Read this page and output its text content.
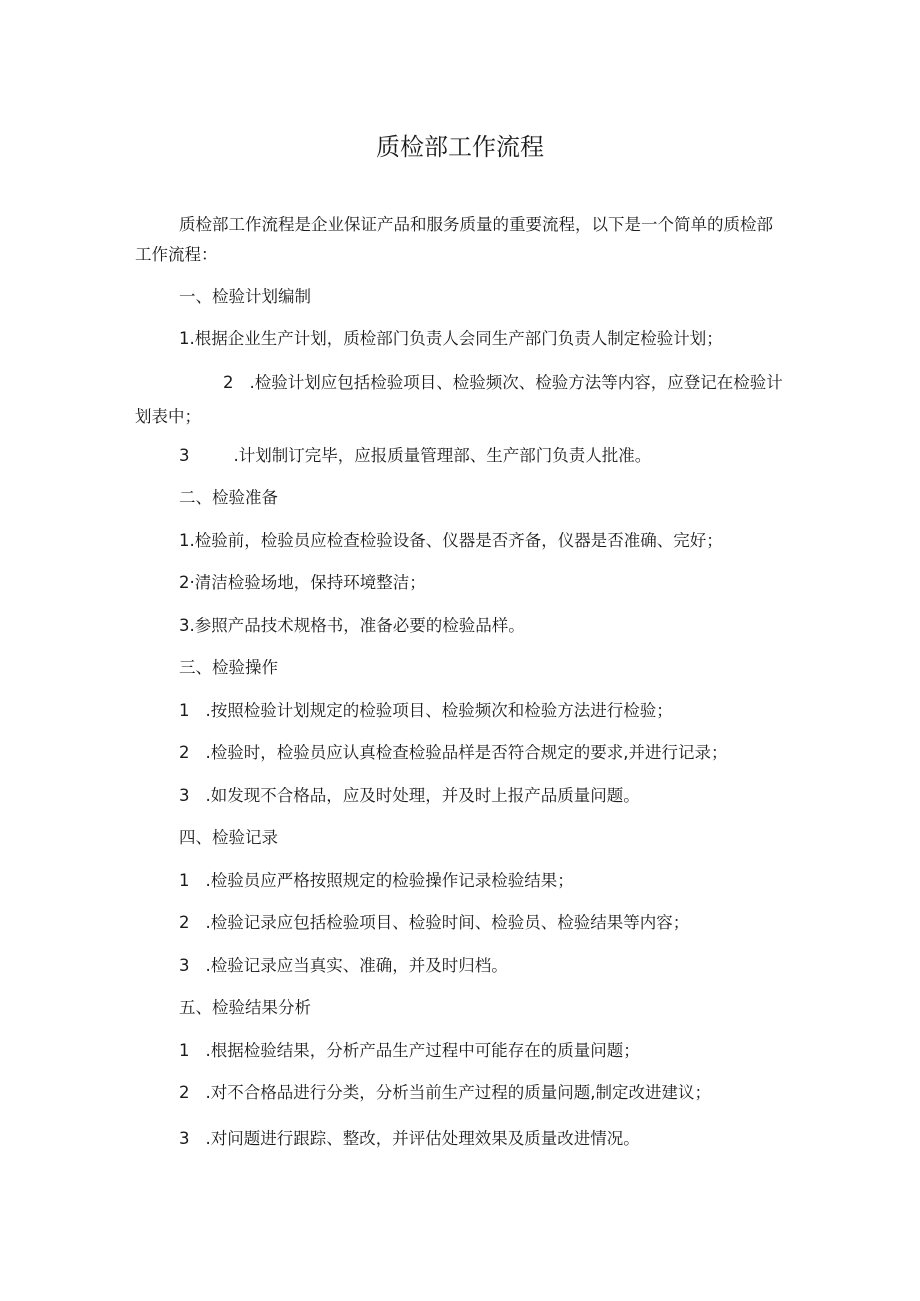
质检部工作流程

质检部工作流程是企业保证产品和服务质量的重要流程，以下是一个简单的质检部工作流程：

一、检验计划编制

1.根据企业生产计划，质检部门负责人会同生产部门负责人制定检验计划；

2 .检验计划应包括检验项目、检验频次、检验方法等内容，应登记在检验计划表中；

3	.计划制订完毕，应报质量管理部、生产部门负责人批准。

二、检验准备

1.检验前，检验员应检查检验设备、仪器是否齐备，仪器是否准确、完好；

2·清洁检验场地，保持环境整洁；

3.参照产品技术规格书，准备必要的检验品样。

三、检验操作

1 .按照检验计划规定的检验项目、检验频次和检验方法进行检验；

2 .检验时，检验员应认真检查检验品样是否符合规定的要求,并进行记录；

3 .如发现不合格品，应及时处理，并及时上报产品质量问题。

四、检验记录

1 .检验员应严格按照规定的检验操作记录检验结果；

2 .检验记录应包括检验项目、检验时间、检验员、检验结果等内容；

3 .检验记录应当真实、准确，并及时归档。

五、检验结果分析

1 .根据检验结果，分析产品生产过程中可能存在的质量问题；

2 .对不合格品进行分类，分析当前生产过程的质量问题,制定改进建议；

3 .对问题进行跟踪、整改，并评估处理效果及质量改进情况。
